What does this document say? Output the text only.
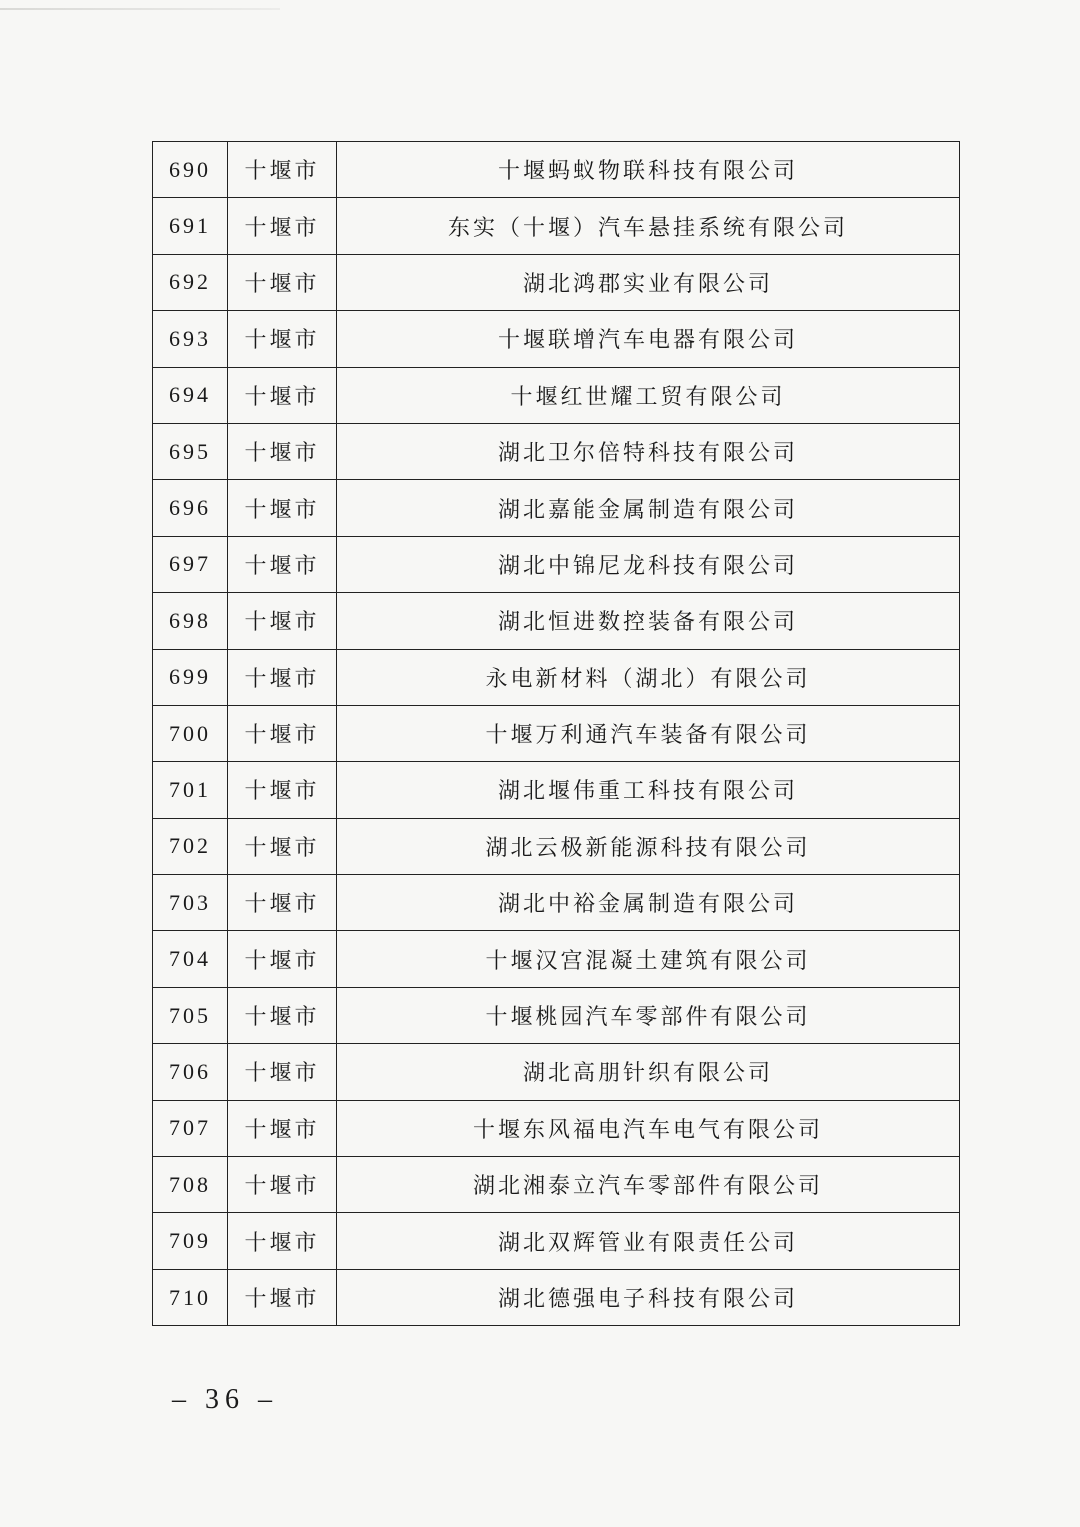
690	十堰市	十堰蚂蚁物联科技有限公司
691	十堰市	东实（十堰）汽车悬挂系统有限公司
692	十堰市	湖北鸿郡实业有限公司
693	十堰市	十堰联增汽车电器有限公司
694	十堰市	十堰红世耀工贸有限公司
695	十堰市	湖北卫尔倍特科技有限公司
696	十堰市	湖北嘉能金属制造有限公司
697	十堰市	湖北中锦尼龙科技有限公司
698	十堰市	湖北恒进数控装备有限公司
699	十堰市	永电新材料（湖北）有限公司
700	十堰市	十堰万利通汽车装备有限公司
701	十堰市	湖北堰伟重工科技有限公司
702	十堰市	湖北云极新能源科技有限公司
703	十堰市	湖北中裕金属制造有限公司
704	十堰市	十堰汉宫混凝土建筑有限公司
705	十堰市	十堰桃园汽车零部件有限公司
706	十堰市	湖北高朋针织有限公司
707	十堰市	十堰东风福电汽车电气有限公司
708	十堰市	湖北湘泰立汽车零部件有限公司
709	十堰市	湖北双辉管业有限责任公司
710	十堰市	湖北德强电子科技有限公司
– 36 –
